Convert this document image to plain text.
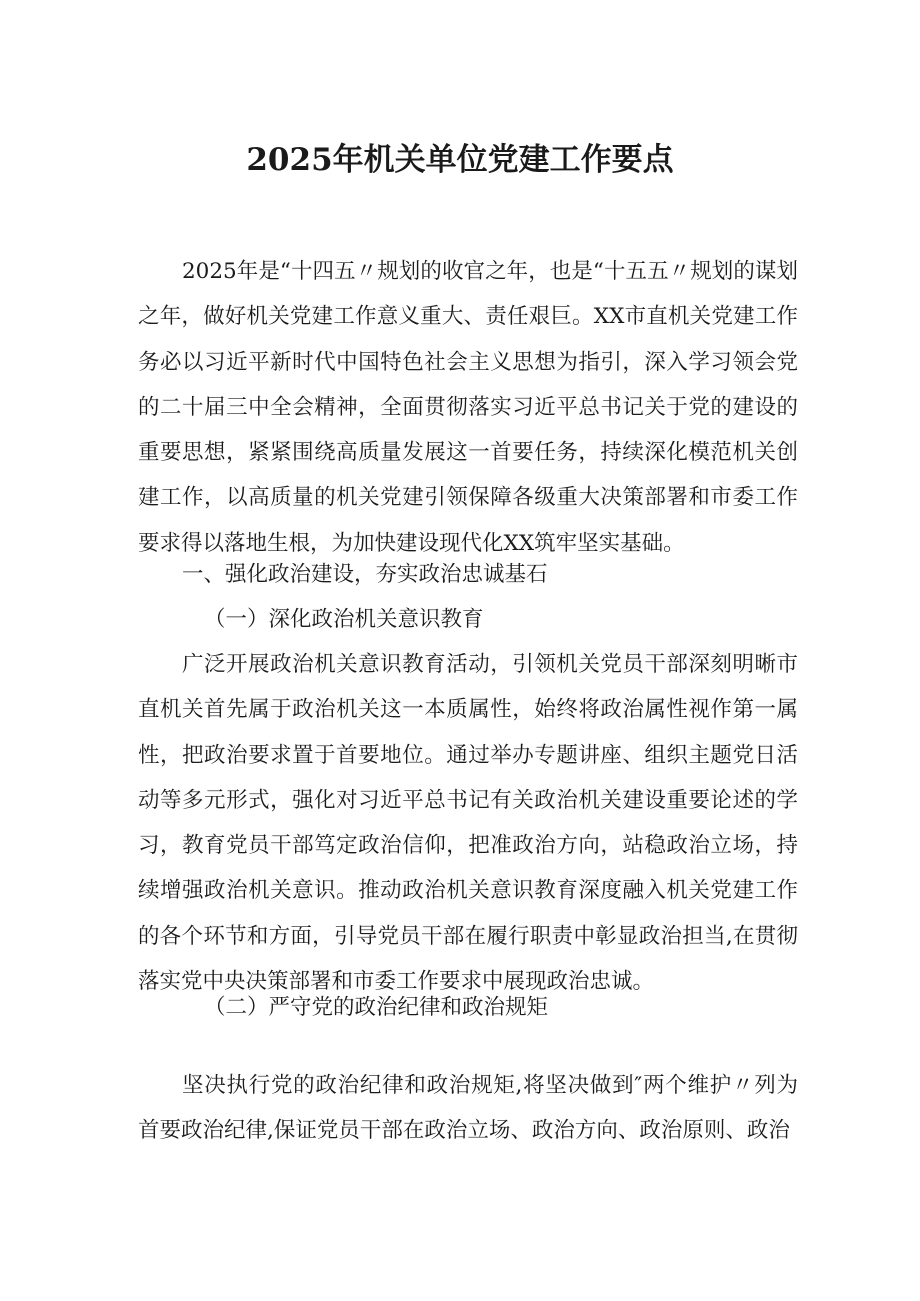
2025年机关单位党建工作要点

2025年是“十四五〃规划的收官之年，也是“十五五〃规划的谋划之年，做好机关党建工作意义重大、责任艰巨。XX市直机关党建工作务必以习近平新时代中国特色社会主义思想为指引，深入学习领会党的二十届三中全会精神，全面贯彻落实习近平总书记关于党的建设的重要思想，紧紧围绕高质量发展这一首要任务，持续深化模范机关创建工作，以高质量的机关党建引领保障各级重大决策部署和市委工作要求得以落地生根，为加快建设现代化XX筑牢坚实基础。

一、强化政治建设，夯实政治忠诚基石

（一）深化政治机关意识教育

广泛开展政治机关意识教育活动，引领机关党员干部深刻明晰市直机关首先属于政治机关这一本质属性，始终将政治属性视作第一属性，把政治要求置于首要地位。通过举办专题讲座、组织主题党日活动等多元形式，强化对习近平总书记有关政治机关建设重要论述的学习，教育党员干部笃定政治信仰，把准政治方向，站稳政治立场，持续增强政治机关意识。推动政治机关意识教育深度融入机关党建工作的各个环节和方面，引导党员干部在履行职责中彰显政治担当,在贯彻落实党中央决策部署和市委工作要求中展现政治忠诚。

（二）严守党的政治纪律和政治规矩

坚决执行党的政治纪律和政治规矩,将坚决做到″两个维护〃列为首要政治纪律,保证党员干部在政治立场、政治方向、政治原则、政治
